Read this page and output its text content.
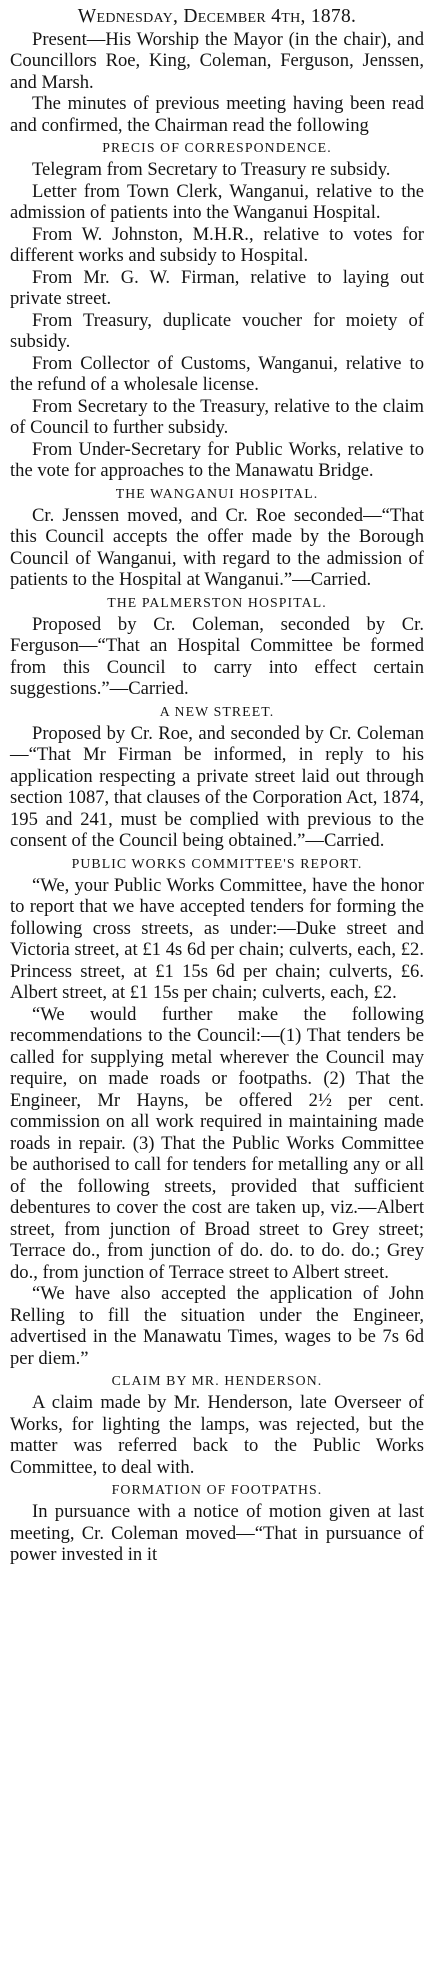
Wednesday, December 4th, 1878.

Present—His Worship the Mayor (in the chair), and Councillors Roe, King, Coleman, Ferguson, Jenssen, and Marsh.

The minutes of previous meeting having been read and confirmed, the Chairman read the following

PRECIS OF CORRESPONDENCE.

Telegram from Secretary to Treasury re subsidy.

Letter from Town Clerk, Wanganui, relative to the admission of patients into the Wanganui Hospital.

From W. Johnston, M.H.R., relative to votes for different works and subsidy to Hospital.

From Mr. G. W. Firman, relative to laying out private street.

From Treasury, duplicate voucher for moiety of subsidy.

From Collector of Customs, Wanganui, relative to the refund of a wholesale license.

From Secretary to the Treasury, relative to the claim of Council to further subsidy.

From Under-Secretary for Public Works, relative to the vote for approaches to the Manawatu Bridge.

THE WANGANUI HOSPITAL.

Cr. Jenssen moved, and Cr. Roe seconded—“That this Council accepts the offer made by the Borough Council of Wanganui, with regard to the admission of patients to the Hospital at Wanganui.”—Carried.

THE PALMERSTON HOSPITAL.

Proposed by Cr. Coleman, seconded by Cr. Ferguson—“That an Hospital Committee be formed from this Council to carry into effect certain suggestions.”—Carried.

A NEW STREET.

Proposed by Cr. Roe, and seconded by Cr. Coleman—“That Mr Firman be informed, in reply to his application respecting a private street laid out through section 1087, that clauses of the Corporation Act, 1874, 195 and 241, must be complied with previous to the consent of the Council being obtained.”—Carried.

PUBLIC WORKS COMMITTEE'S REPORT.

“We, your Public Works Committee, have the honor to report that we have accepted tenders for forming the following cross streets, as under:—Duke street and Victoria street, at £1 4s 6d per chain; culverts, each, £2. Princess street, at £1 15s 6d per chain; culverts, £6. Albert street, at £1 15s per chain; culverts, each, £2.

“We would further make the following recommendations to the Council:—(1) That tenders be called for supplying metal wherever the Council may require, on made roads or footpaths. (2) That the Engineer, Mr Hayns, be offered 2½ per cent. commission on all work required in maintaining made roads in repair. (3) That the Public Works Committee be authorised to call for tenders for metalling any or all of the following streets, provided that sufficient debentures to cover the cost are taken up, viz.—Albert street, from junction of Broad street to Grey street; Terrace do., from junction of do. do. to do. do.; Grey do., from junction of Terrace street to Albert street.

“We have also accepted the application of John Relling to fill the situation under the Engineer, advertised in the Manawatu Times, wages to be 7s 6d per diem.”

CLAIM BY MR. HENDERSON.

A claim made by Mr. Henderson, late Overseer of Works, for lighting the lamps, was rejected, but the matter was referred back to the Public Works Committee, to deal with.

FORMATION OF FOOTPATHS.

In pursuance with a notice of motion given at last meeting, Cr. Coleman moved—“That in pursuance of power invested in it
